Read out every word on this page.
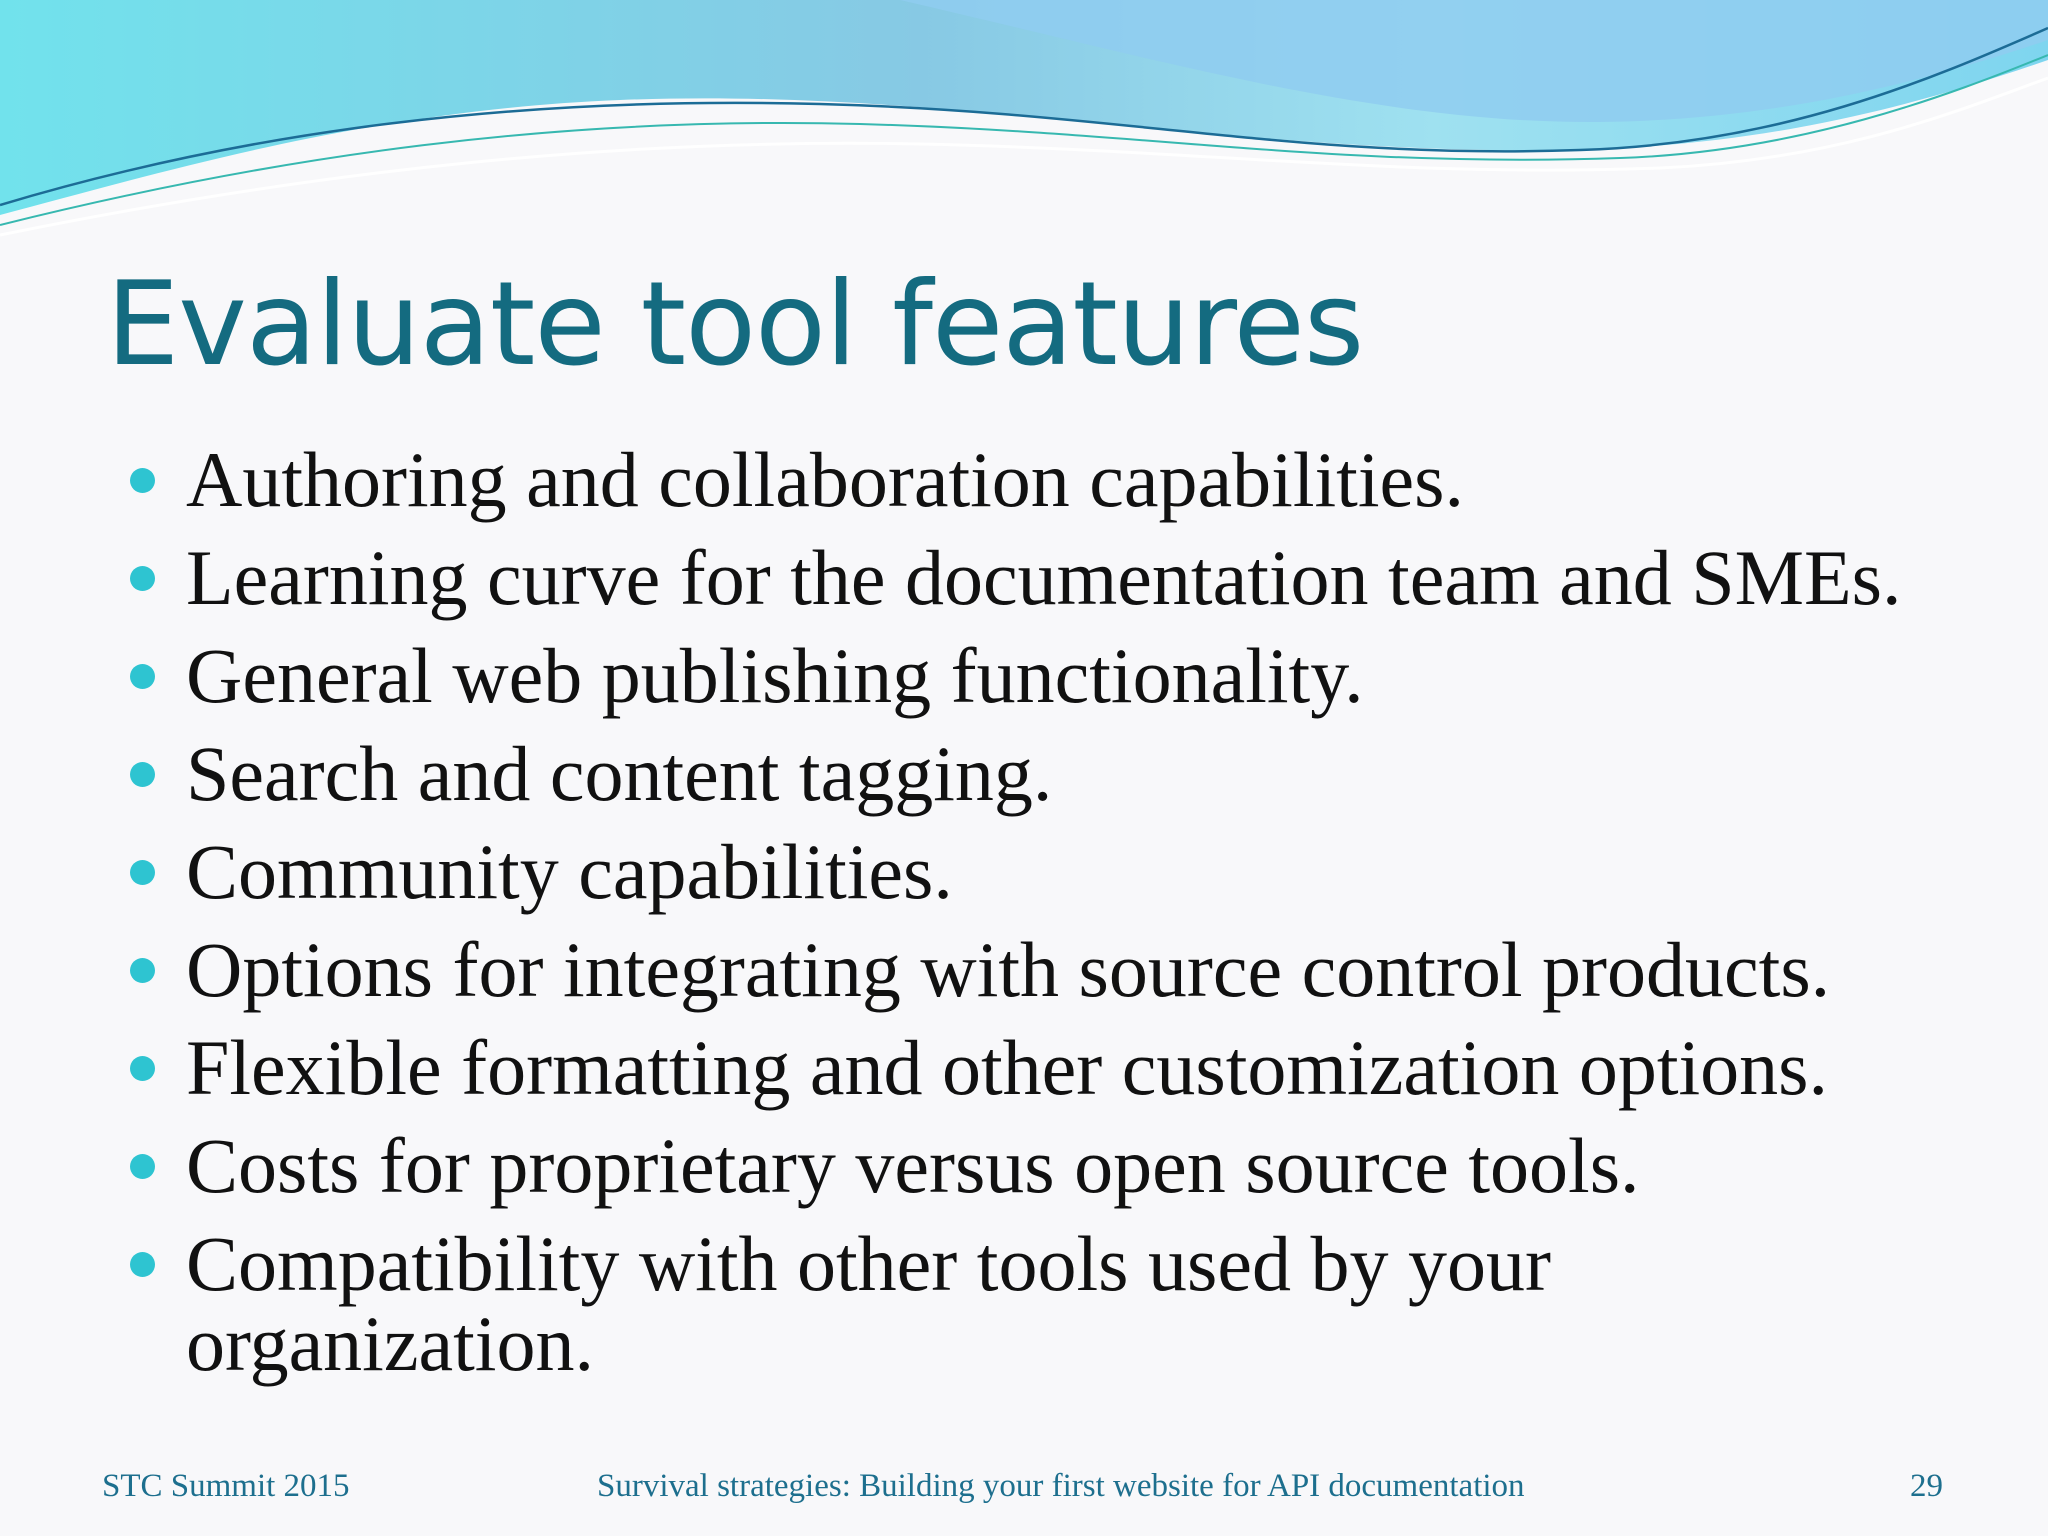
Evaluate tool features
Authoring and collaboration capabilities.
Learning curve for the documentation team and SMEs.
General web publishing functionality.
Search and content tagging.
Community capabilities.
Options for integrating with source control products.
Flexible formatting and other customization options.
Costs for proprietary versus open source tools.
Compatibility with other tools used by your organization.
STC Summit 2015	Survival strategies: Building your first website for API documentation	29
